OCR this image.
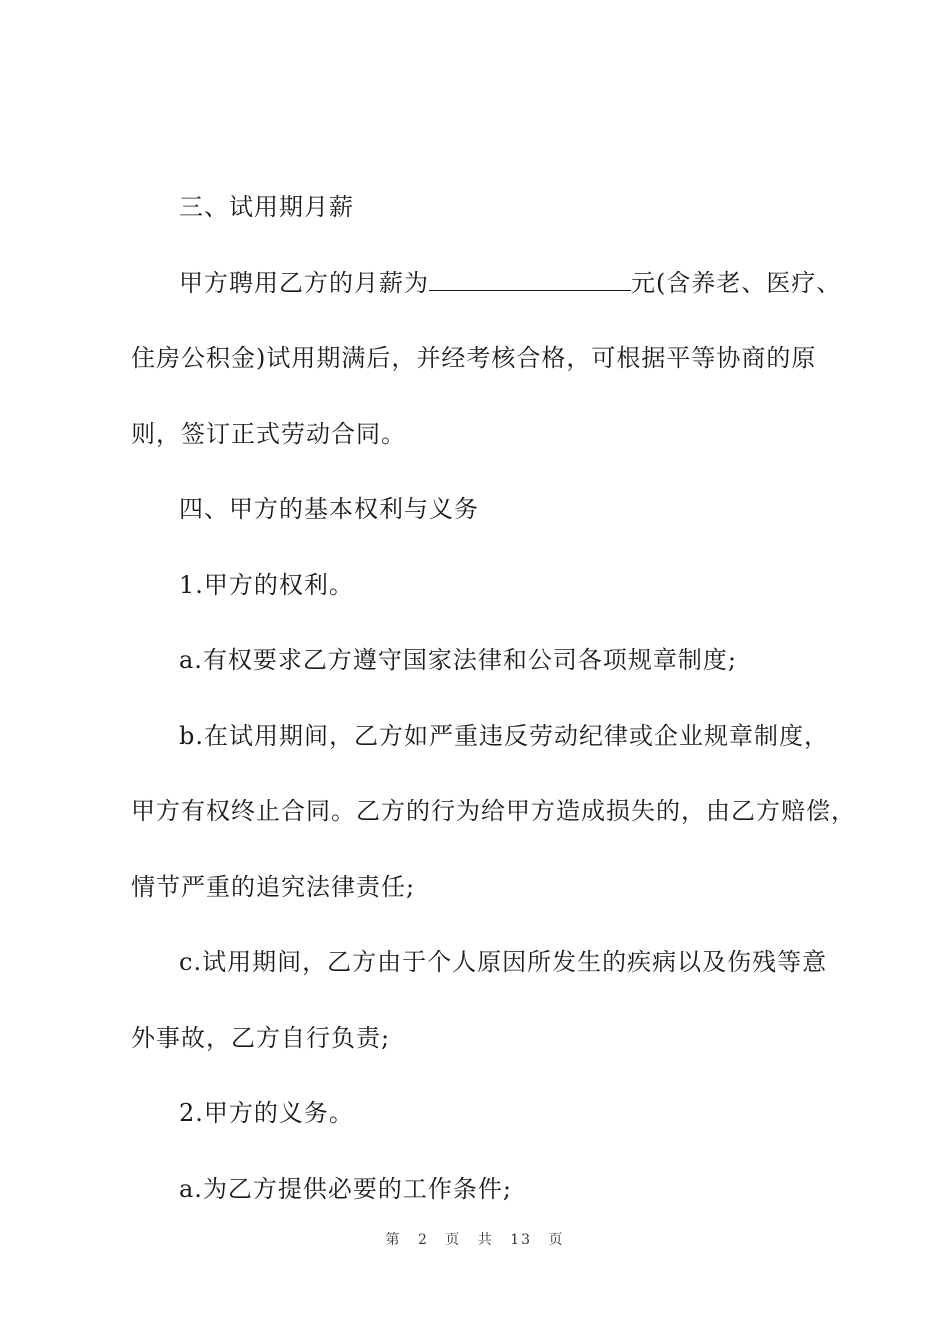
三、试用期月薪
甲方聘用乙方的月薪为	元(含养老、医疗、
住房公积金)试用期满后，并经考核合格，可根据平等协商的原
则，签订正式劳动合同。
四、甲方的基本权利与义务
1.甲方的权利。
a.有权要求乙方遵守国家法律和公司各项规章制度;
b.在试用期间，乙方如严重违反劳动纪律或企业规章制度，
甲方有权终止合同。乙方的行为给甲方造成损失的，由乙方赔偿，
情节严重的追究法律责任;
c.试用期间，乙方由于个人原因所发生的疾病以及伤残等意
外事故，乙方自行负责;
2.甲方的义务。
a.为乙方提供必要的工作条件;
第 2 页 共 13 页
